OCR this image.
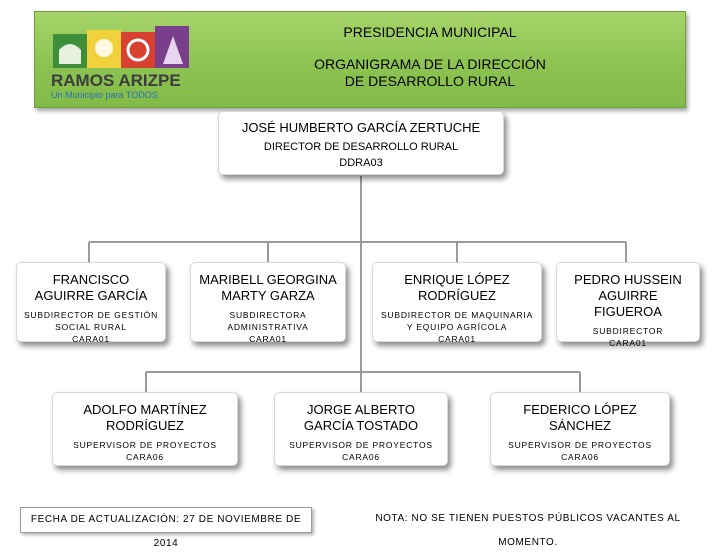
RAMOS ARIZPE
Un Municipio para TODOS
PRESIDENCIA MUNICIPAL
ORGANIGRAMA DE LA DIRECCIÓN
DE DESARROLLO RURAL
JOSÉ HUMBERTO GARCÍA ZERTUCHE
DIRECTOR DE DESARROLLO RURAL
DDRA03
FRANCISCO AGUIRRE GARCÍA
SUBDIRECTOR DE GESTIÓN SOCIAL RURAL
CARA01
MARIBELL GEORGINA MARTY GARZA
SUBDIRECTORA ADMINISTRATIVA
CARA01
ENRIQUE LÓPEZ RODRÍGUEZ
SUBDIRECTOR DE MAQUINARIA Y EQUIPO AGRÍCOLA
CARA01
PEDRO HUSSEIN AGUIRRE FIGUEROA
SUBDIRECTOR
CARA01
ADOLFO MARTÍNEZ RODRÍGUEZ
SUPERVISOR DE PROYECTOS
CARA06
JORGE ALBERTO GARCÍA TOSTADO
SUPERVISOR DE PROYECTOS
CARA06
FEDERICO LÓPEZ SÁNCHEZ
SUPERVISOR DE PROYECTOS
CARA06
FECHA DE ACTUALIZACIÓN: 27 DE NOVIEMBRE DE 2014
NOTA: NO SE TIENEN PUESTOS PÚBLICOS VACANTES AL MOMENTO.
